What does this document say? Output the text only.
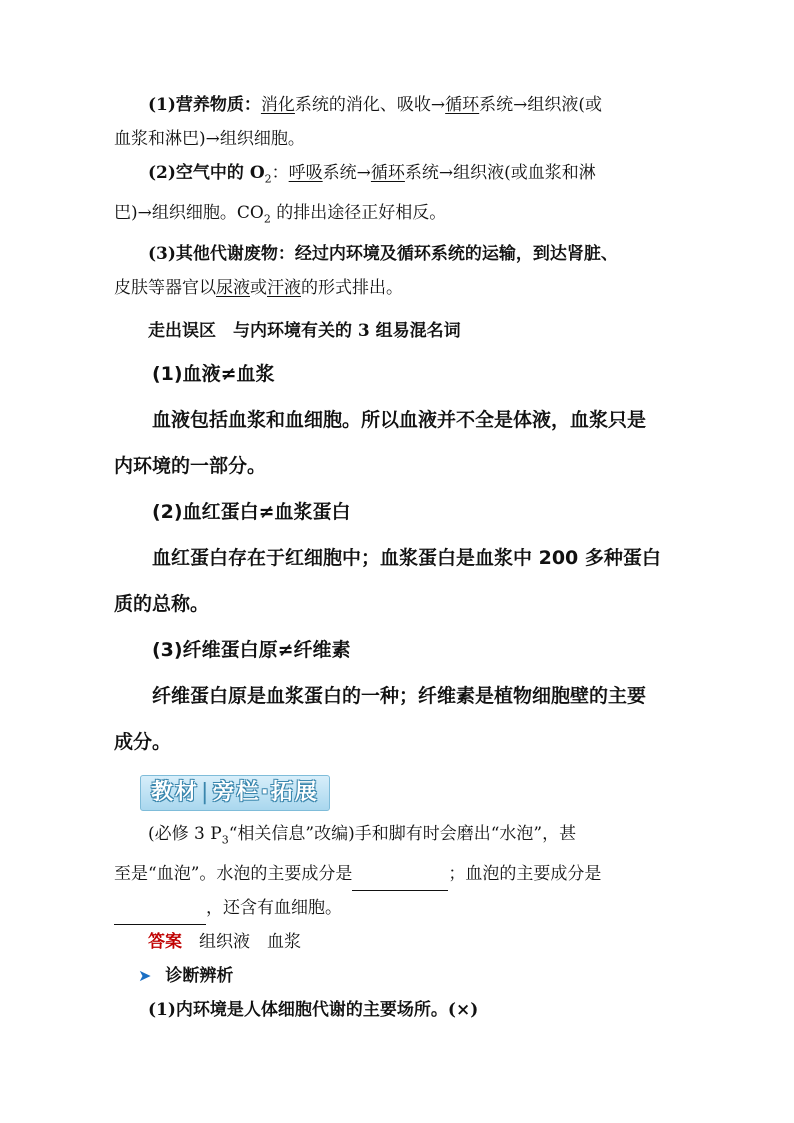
(1)营养物质：消化系统的消化、吸收→循环系统→组织液(或

血浆和淋巴)→组织细胞。

(2)空气中的 $O_2$：呼吸系统→循环系统→组织液(或血浆和淋

巴)→组织细胞。$CO_2$ 的排出途径正好相反。

(3)其他代谢废物：经过内环境及循环系统的运输，到达肾脏、

皮肤等器官以尿液或汗液的形式排出。

走出误区　与内环境有关的 3 组易混名词

(1)血液≠血浆

血液包括血浆和血细胞。所以血液并不全是体液，血浆只是

内环境的一部分。

(2)血红蛋白≠血浆蛋白

血红蛋白存在于红细胞中；血浆蛋白是血浆中 200 多种蛋白

质的总称。

(3)纤维蛋白原≠纤维素

纤维蛋白原是血浆蛋白的一种；纤维素是植物细胞壁的主要

成分。

教材|旁栏·拓展

(必修 3 $P_3“$相关信息”改编)手和脚有时会磨出“水泡”，甚

至是“血泡”。水泡的主要成分是	；血泡的主要成分是

，还含有血细胞。

答案　组织液　血浆

➤ 诊断辨析

(1)内环境是人体细胞代谢的主要场所。(×)
